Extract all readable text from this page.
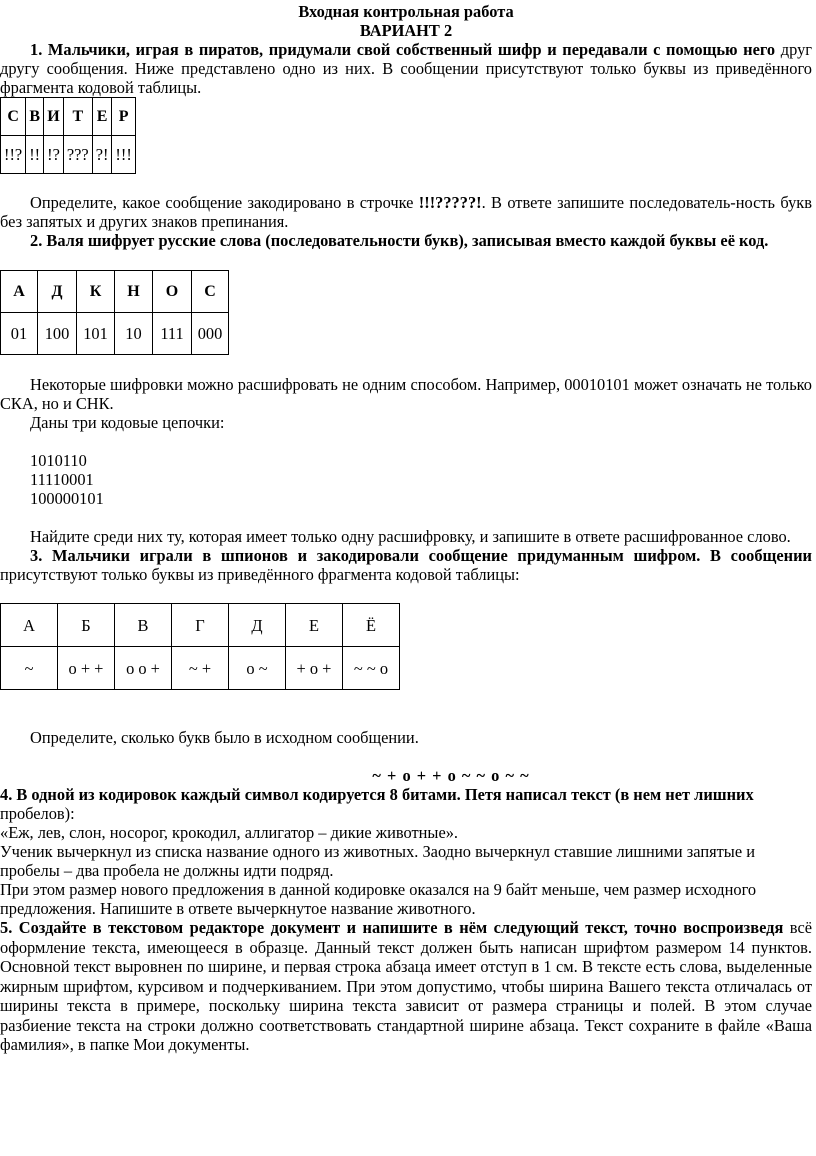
Входная контрольная работа

ВАРИАНТ 2

1. Мальчики, играя в пиратов, придумали свой собственный шифр и передавали с помощью него друг другу сообщения. Ниже представлено одно из них. В сообщении присутствуют только буквы из приведённого фрагмента кодовой таблицы.

С	В	И	Т	Е	Р
!!?	!!	!?	???	?!	!!!

Определите, какое сообщение закодировано в строчке !!!?????!. В ответе запишите последователь-ность букв без запятых и других знаков препинания.

2. Валя шифрует русские слова (последовательности букв), записывая вместо каждой буквы её код.

А	Д	К	Н	О	С
01	100	101	10	111	000

Некоторые шифровки можно расшифровать не одним способом. Например, 00010101 может означать не только СКА, но и СНК.

Даны три кодовые цепочки:

1010110

11110001

100000101

Найдите среди них ту, которая имеет только одну расшифровку, и запишите в ответе расшифрованное слово.

3. Мальчики играли в шпионов и закодировали сообщение придуманным шифром. В сообщении присутствуют только буквы из приведённого фрагмента кодовой таблицы:

А	Б	В	Г	Д	Е	Ё
~	о + +	о о +	~ +	о ~	+ о +	~ ~ о

Определите, сколько букв было в исходном сообщении.

~ + о + + о ~ ~ о ~ ~

4. В одной из кодировок каждый символ кодируется 8 битами. Петя написал текст (в нем нет лишних пробелов):

«Еж, лев, слон, носорог, крокодил, аллигатор – дикие животные».

Ученик вычеркнул из списка название одного из животных. Заодно вычеркнул ставшие лишними запятые и пробелы – два пробела не должны идти подряд.

При этом размер нового предложения в данной кодировке оказался на 9 байт меньше, чем размер исходного предложения. Напишите в ответе вычеркнутое название животного.

5. Создайте в текстовом редакторе документ и напишите в нём следующий текст, точно воспроизведя всё оформление текста, имеющееся в образце. Данный текст должен быть написан шрифтом размером 14 пунктов. Основной текст выровнен по ширине, и первая строка абзаца имеет отступ в 1 см. В тексте есть слова, выделенные жирным шрифтом, курсивом и подчеркиванием. При этом допустимо, чтобы ширина Вашего текста отличалась от ширины текста в примере, поскольку ширина текста зависит от размера страницы и полей. В этом случае разбиение текста на строки должно соответствовать стандартной ширине абзаца. Текст сохраните в файле «Ваша фамилия», в папке Мои документы.
